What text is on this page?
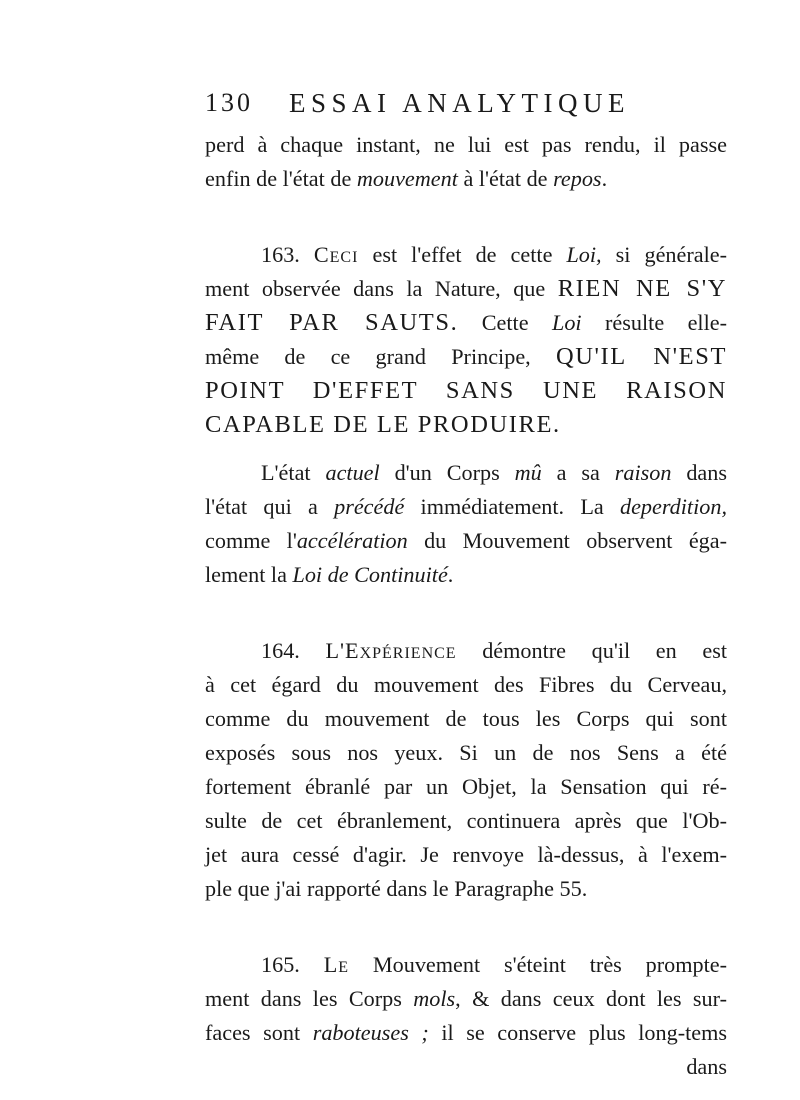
130 ESSAI ANALYTIQUE
perd à chaque instant, ne lui est pas rendu, il passe
enfin de l'état de mouvement à l'état de repos.
163. Ceci est l'effet de cette Loi, si générale-
ment observée dans la Nature, que RIEN NE S'Y
FAIT PAR SAUTS. Cette Loi résulte elle-
même de ce grand Principe, QU'IL N'EST
POINT D'EFFET SANS UNE RAISON
CAPABLE DE LE PRODUIRE.
L'état actuel d'un Corps mû a sa raison dans
l'état qui a précédé immédiatement. La deperdition,
comme l'accélération du Mouvement observent éga-
lement la Loi de Continuité.
164. L'Expérience démontre qu'il en est
à cet égard du mouvement des Fibres du Cerveau,
comme du mouvement de tous les Corps qui sont
exposés sous nos yeux. Si un de nos Sens a été
fortement ébranlé par un Objet, la Sensation qui ré-
sulte de cet ébranlement, continuera après que l'Ob-
jet aura cessé d'agir. Je renvoye là-dessus, à l'exem-
ple que j'ai rapporté dans le Paragraphe 55.
165. Le Mouvement s'éteint très prompte-
ment dans les Corps mols, & dans ceux dont les sur-
faces sont raboteuses ; il se conserve plus long-tems
dans
